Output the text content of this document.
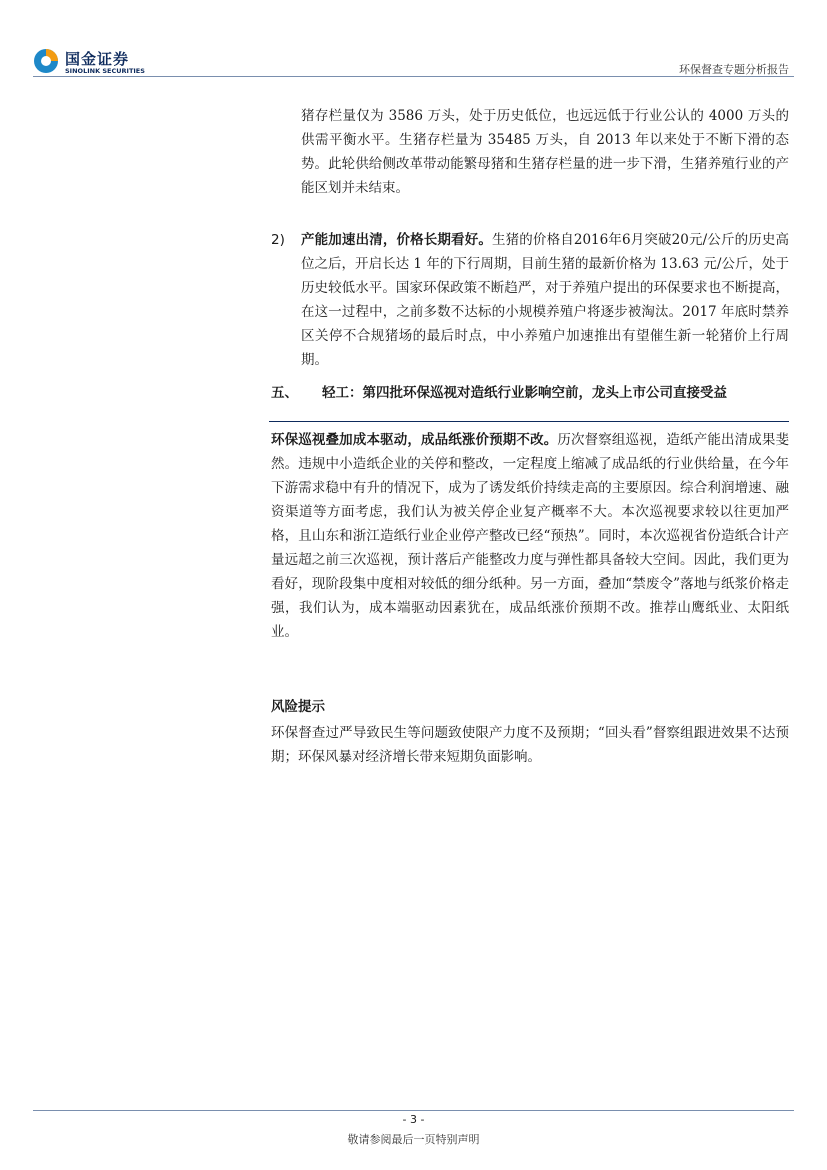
国金证券
SINOLINK SECURITIES	环保督查专题分析报告

猪存栏量仅为 3586 万头，处于历史低位，也远远低于行业公认的 4000 万头的供需平衡水平。生猪存栏量为 35485 万头，自 2013 年以来处于不断下滑的态势。此轮供给侧改革带动能繁母猪和生猪存栏量的进一步下滑，生猪养殖行业的产能区划并未结束。

2) 产能加速出清，价格长期看好。生猪的价格自2016年6月突破20元/公斤的历史高位之后，开启长达 1 年的下行周期，目前生猪的最新价格为 13.63 元/公斤，处于历史较低水平。国家环保政策不断趋严，对于养殖户提出的环保要求也不断提高，在这一过程中，之前多数不达标的小规模养殖户将逐步被淘汰。2017 年底时禁养区关停不合规猪场的最后时点，中小养殖户加速推出有望催生新一轮猪价上行周期。

五、 轻工：第四批环保巡视对造纸行业影响空前，龙头上市公司直接受益

环保巡视叠加成本驱动，成品纸涨价预期不改。历次督察组巡视，造纸产能出清成果斐然。违规中小造纸企业的关停和整改，一定程度上缩减了成品纸的行业供给量，在今年下游需求稳中有升的情况下，成为了诱发纸价持续走高的主要原因。综合利润增速、融资渠道等方面考虑，我们认为被关停企业复产概率不大。本次巡视要求较以往更加严格，且山东和浙江造纸行业企业停产整改已经“预热”。同时，本次巡视省份造纸合计产量远超之前三次巡视，预计落后产能整改力度与弹性都具备较大空间。因此，我们更为看好，现阶段集中度相对较低的细分纸种。另一方面，叠加“禁废令”落地与纸浆价格走强，我们认为，成本端驱动因素犹在，成品纸涨价预期不改。推荐山鹰纸业、太阳纸业。

风险提示

环保督查过严导致民生等问题致使限产力度不及预期；“回头看”督察组跟进效果不达预期；环保风暴对经济增长带来短期负面影响。

- 3 -
敬请参阅最后一页特别声明
